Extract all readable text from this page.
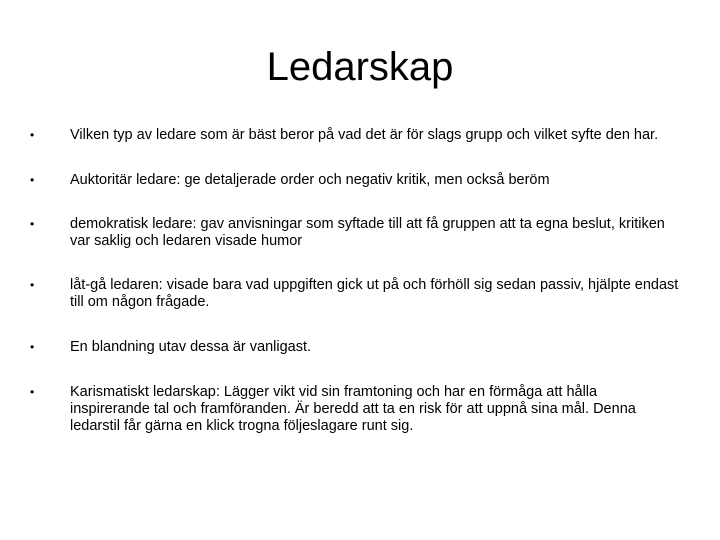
Ledarskap
• Vilken typ av ledare som är bäst beror på vad det är för slags grupp och vilket syfte den har.
• Auktoritär ledare: ge detaljerade order och negativ kritik, men också beröm
• demokratisk ledare: gav anvisningar som syftade till att få gruppen att ta egna beslut, kritiken var saklig och ledaren visade humor
• låt-gå ledaren: visade bara vad uppgiften gick ut på och förhöll sig sedan passiv, hjälpte endast till om någon frågade.
• En blandning utav dessa är vanligast.
• Karismatiskt ledarskap: Lägger vikt vid sin framtoning och har en förmåga att hålla inspirerande tal och framföranden. Är beredd att ta en risk för att uppnå sina mål. Denna ledarstil får gärna en klick trogna följeslagare runt sig.
